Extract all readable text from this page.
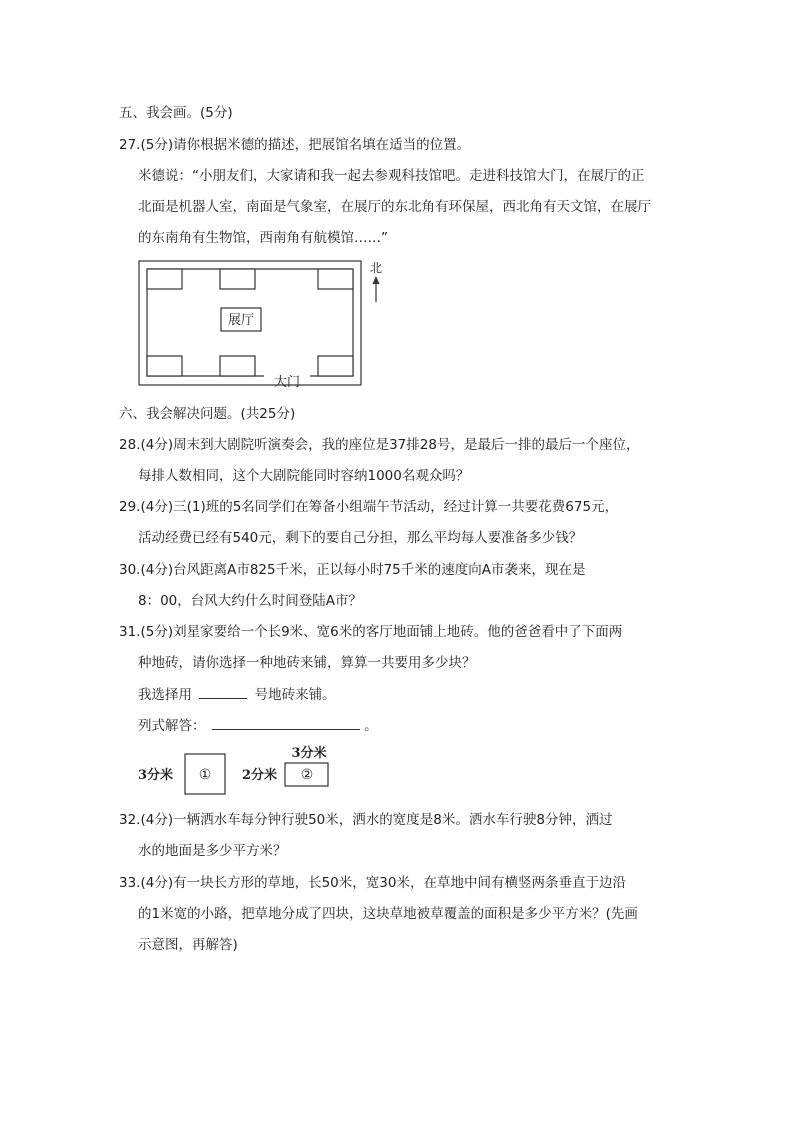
五、我会画。(5分)
27.(5分)请你根据米德的描述，把展馆名填在适当的位置。
米德说：“小朋友们，大家请和我一起去参观科技馆吧。走进科技馆大门，在展厅的正
北面是机器人室，南面是气象室，在展厅的东北角有环保屋，西北角有天文馆，在展厅
的东南角有生物馆，西南角有航模馆……”
展厅
大门
北
六、我会解决问题。(共25分)
28.(4分)周末到大剧院听演奏会，我的座位是37排28号，是最后一排的最后一个座位，
每排人数相同，这个大剧院能同时容纳1000名观众吗？
29.(4分)三(1)班的5名同学们在筹备小组端午节活动，经过计算一共要花费675元，
活动经费已经有540元，剩下的要自己分担，那么平均每人要准备多少钱？
30.(4分)台风距离A市825千米，正以每小时75千米的速度向A市袭来，现在是
8：00，台风大约什么时间登陆A市？
31.(5分)刘星家要给一个长9米、宽6米的客厅地面铺上地砖。他的爸爸看中了下面两
种地砖，请你选择一种地砖来铺，算算一共要用多少块？
我选择用	号地砖来铺。
列式解答：	。
3分米 ①
3分米
2分米 ②
32.(4分)一辆洒水车每分钟行驶50米，洒水的宽度是8米。洒水车行驶8分钟，洒过
水的地面是多少平方米？
33.(4分)有一块长方形的草地，长50米，宽30米，在草地中间有横竖两条垂直于边沿
的1米宽的小路，把草地分成了四块，这块草地被草覆盖的面积是多少平方米？(先画
示意图，再解答)
